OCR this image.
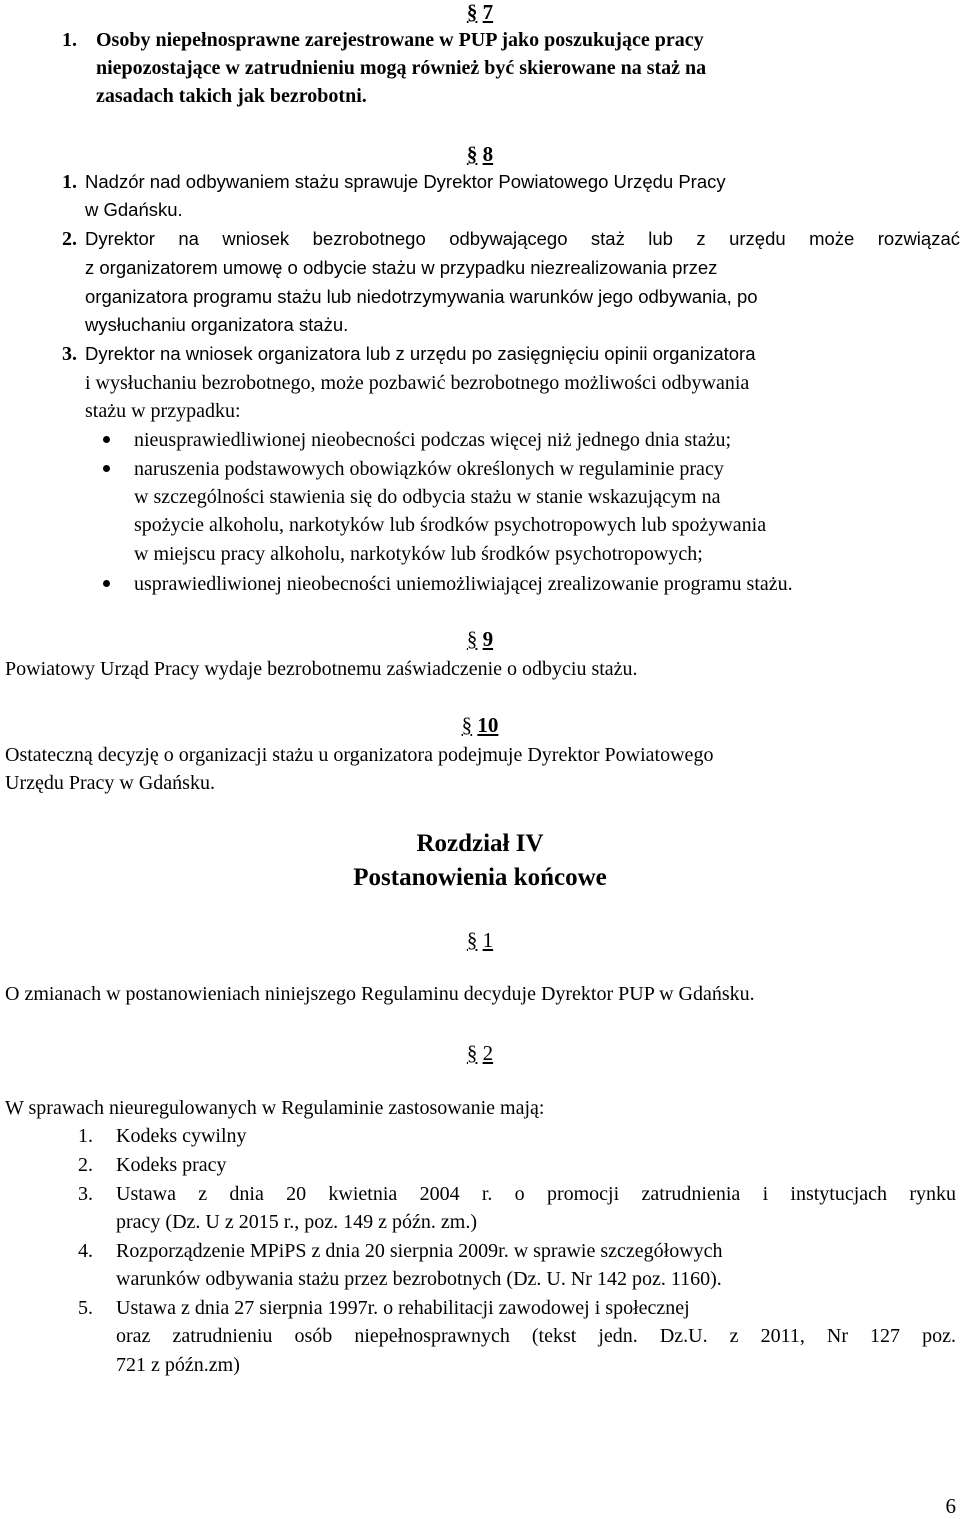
§ 7
1. Osoby niepełnosprawne zarejestrowane w PUP jako poszukujące pracy
niepozostające w zatrudnieniu mogą również być skierowane na staż na
zasadach takich jak bezrobotni.
§ 8
1. Nadzór nad odbywaniem stażu sprawuje Dyrektor Powiatowego Urzędu Pracy
w Gdańsku.
2. Dyrektor na wniosek bezrobotnego odbywającego staż lub z urzędu może rozwiązać
z organizatorem umowę o odbycie stażu w przypadku niezrealizowania przez
organizatora programu stażu lub niedotrzymywania warunków jego odbywania, po
wysłuchaniu organizatora stażu.
3. Dyrektor na wniosek organizatora lub z urzędu po zasięgnięciu opinii organizatora
i wysłuchaniu bezrobotnego, może pozbawić bezrobotnego możliwości odbywania
stażu w przypadku:
nieusprawiedliwionej nieobecności podczas więcej niż jednego dnia stażu;
naruszenia podstawowych obowiązków określonych w regulaminie pracy
w szczególności stawienia się do odbycia stażu w stanie wskazującym na
spożycie alkoholu, narkotyków lub środków psychotropowych lub spożywania
w miejscu pracy alkoholu, narkotyków lub środków psychotropowych;
usprawiedliwionej nieobecności uniemożliwiającej zrealizowanie programu stażu.
§ 9
Powiatowy Urząd Pracy wydaje bezrobotnemu zaświadczenie o odbyciu stażu.
§ 10
Ostateczną decyzję o organizacji stażu u organizatora podejmuje Dyrektor Powiatowego
Urzędu Pracy w Gdańsku.
Rozdział IV
Postanowienia końcowe
§ 1
O zmianach w postanowieniach niniejszego Regulaminu decyduje Dyrektor PUP w Gdańsku.
§ 2
W sprawach nieuregulowanych w Regulaminie zastosowanie mają:
1.	Kodeks cywilny
2.	Kodeks pracy
3.	Ustawa z dnia 20 kwietnia 2004 r. o promocji zatrudnienia i instytucjach rynku
pracy (Dz. U z 2015 r., poz. 149 z późn. zm.)
4.	Rozporządzenie MPiPS z dnia 20 sierpnia 2009r. w sprawie szczegółowych
warunków odbywania stażu przez bezrobotnych (Dz. U. Nr 142 poz. 1160).
5.	Ustawa z dnia 27 sierpnia 1997r. o rehabilitacji zawodowej i społecznej
oraz zatrudnieniu osób niepełnosprawnych (tekst jedn. Dz.U. z 2011, Nr 127 poz.
721 z późn.zm)
6
